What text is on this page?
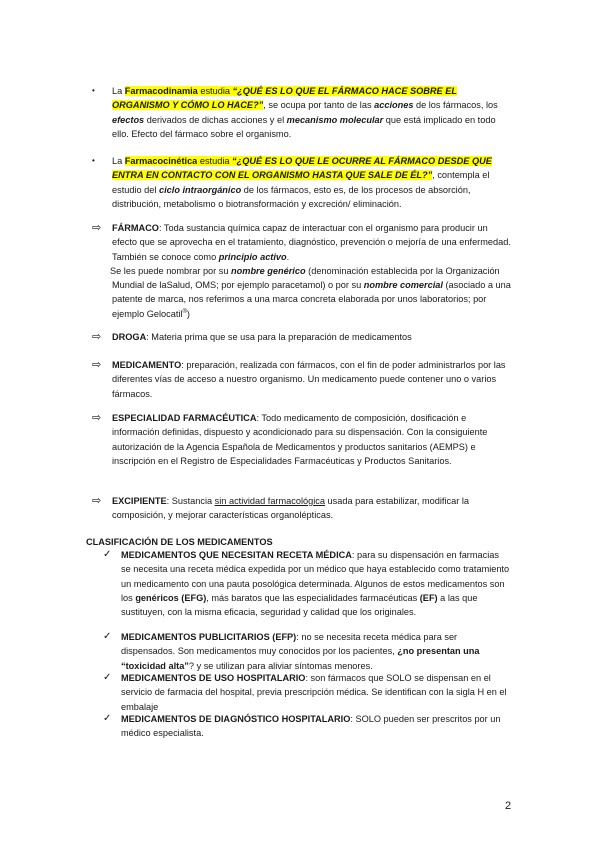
• La Farmacodinamia estudia “¿QUÉ ES LO QUE EL FÁRMACO HACE SOBRE EL ORGANISMO Y CÓMO LO HACE?”, se ocupa por tanto de las acciones de los fármacos, los efectos derivados de dichas acciones y el mecanismo molecular que está implicado en todo ello. Efecto del fármaco sobre el organismo.
• La Farmacocinética estudia “¿QUÉ ES LO QUE LE OCURRE AL FÁRMACO DESDE QUE ENTRA EN CONTACTO CON EL ORGANISMO HASTA QUE SALE DE ÉL?”, contempla el estudio del ciclo intraorgánico de los fármacos, esto es, de los procesos de absorción, distribución, metabolismo o biotransformación y excreción/ eliminación.
⇨ FÁRMACO: Toda sustancia química capaz de interactuar con el organismo para producir un efecto que se aprovecha en el tratamiento, diagnóstico, prevención o mejoría de una enfermedad. También se conoce como principio activo.
Se les puede nombrar por su nombre genérico (denominación establecida por la Organización Mundial de laSalud, OMS; por ejemplo paracetamol) o por su nombre comercial (asociado a una patente de marca, nos referimos a una marca concreta elaborada por unos laboratorios; por ejemplo Gelocatil®)
⇨ DROGA: Materia prima que se usa para la preparación de medicamentos
⇨ MEDICAMENTO: preparación, realizada con fármacos, con el fin de poder administrarlos por las diferentes vías de acceso a nuestro organismo. Un medicamento puede contener uno o varios fármacos.
⇨ ESPECIALIDAD FARMACÉUTICA: Todo medicamento de composición, dosificación e información definidas, dispuesto y acondicionado para su dispensación. Con la consiguiente autorización de la Agencia Española de Medicamentos y productos sanitarios (AEMPS) e inscripción en el Registro de Especialidades Farmacéuticas y Productos Sanitarios.
⇨ EXCIPIENTE: Sustancia sin actividad farmacológica usada para estabilizar, modificar la composición, y mejorar características organolépticas.
CLASIFICACIÓN DE LOS MEDICAMENTOS
✓ MEDICAMENTOS QUE NECESITAN RECETA MÉDICA: para su dispensación en farmacias se necesita una receta médica expedida por un médico que haya establecido como tratamiento un medicamento con una pauta posológica determinada. Algunos de estos medicamentos son los genéricos (EFG), más baratos que las especialidades farmacéuticas (EF) a las que sustituyen, con la misma eficacia, seguridad y calidad que los originales.
✓ MEDICAMENTOS PUBLICITARIOS (EFP): no se necesita receta médica para ser dispensados. Son medicamentos muy conocidos por los pacientes, ¿no presentan una “toxicidad alta”? y se utilizan para aliviar síntomas menores.
✓ MEDICAMENTOS DE USO HOSPITALARIO: son fármacos que SOLO se dispensan en el servicio de farmacia del hospital, previa prescripción médica. Se identifican con la sigla H en el embalaje
✓ MEDICAMENTOS DE DIAGNÓSTICO HOSPITALARIO: SOLO pueden ser prescritos por un médico especialista.
2
